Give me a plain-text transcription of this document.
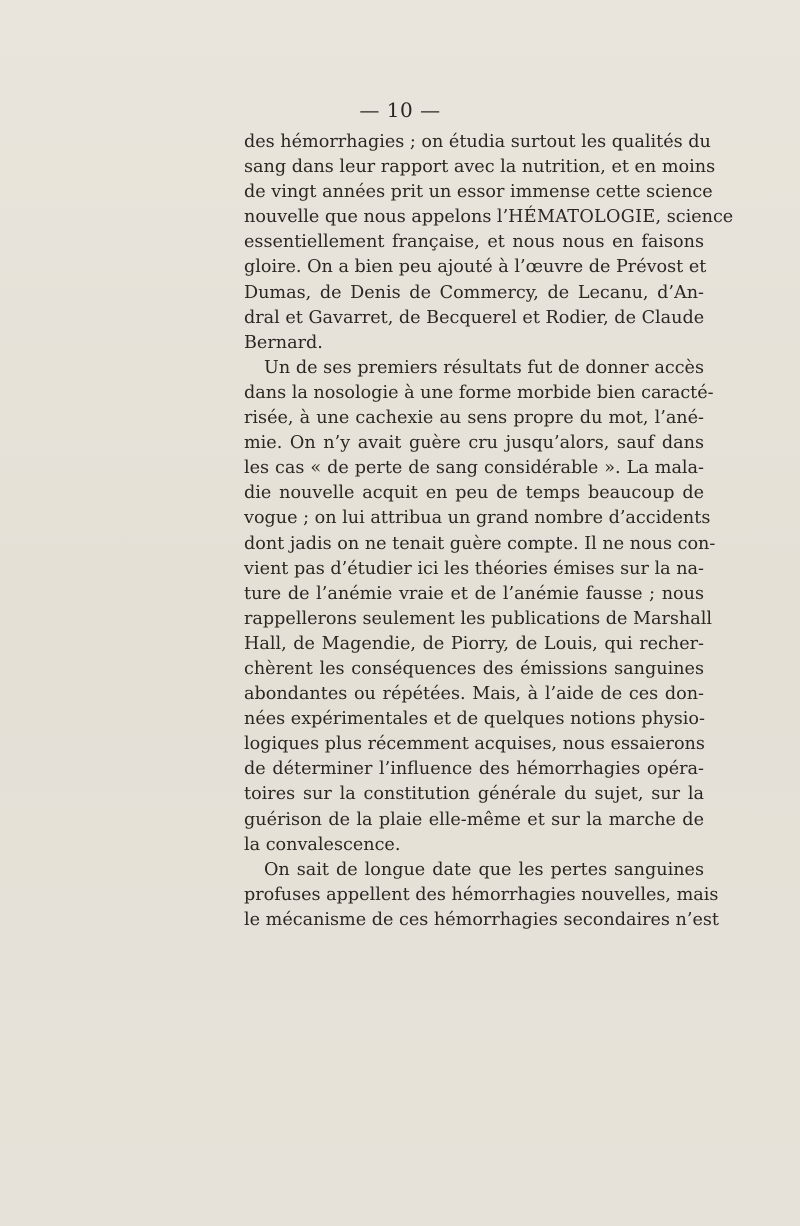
— 10 —
des hémorrhagies ; on étudia surtout les qualités du
sang dans leur rapport avec la nutrition, et en moins
de vingt années prit un essor immense cette science
nouvelle que nous appelons l’HÉMATOLOGIE, science
essentiellement française, et nous nous en faisons
gloire. On a bien peu ajouté à l’œuvre de Prévost et
Dumas, de Denis de Commercy, de Lecanu, d’An-
dral et Gavarret, de Becquerel et Rodier, de Claude
Bernard.
Un de ses premiers résultats fut de donner accès
dans la nosologie à une forme morbide bien caracté-
risée, à une cachexie au sens propre du mot, l’ané-
mie. On n’y avait guère cru jusqu’alors, sauf dans
les cas « de perte de sang considérable ». La mala-
die nouvelle acquit en peu de temps beaucoup de
vogue ; on lui attribua un grand nombre d’accidents
dont jadis on ne tenait guère compte. Il ne nous con-
vient pas d’étudier ici les théories émises sur la na-
ture de l’anémie vraie et de l’anémie fausse ; nous
rappellerons seulement les publications de Marshall
Hall, de Magendie, de Piorry, de Louis, qui recher-
chèrent les conséquences des émissions sanguines
abondantes ou répétées. Mais, à l’aide de ces don-
nées expérimentales et de quelques notions physio-
logiques plus récemment acquises, nous essaierons
de déterminer l’influence des hémorrhagies opéra-
toires sur la constitution générale du sujet, sur la
guérison de la plaie elle-même et sur la marche de
la convalescence.
On sait de longue date que les pertes sanguines
profuses appellent des hémorrhagies nouvelles, mais
le mécanisme de ces hémorrhagies secondaires n’est
